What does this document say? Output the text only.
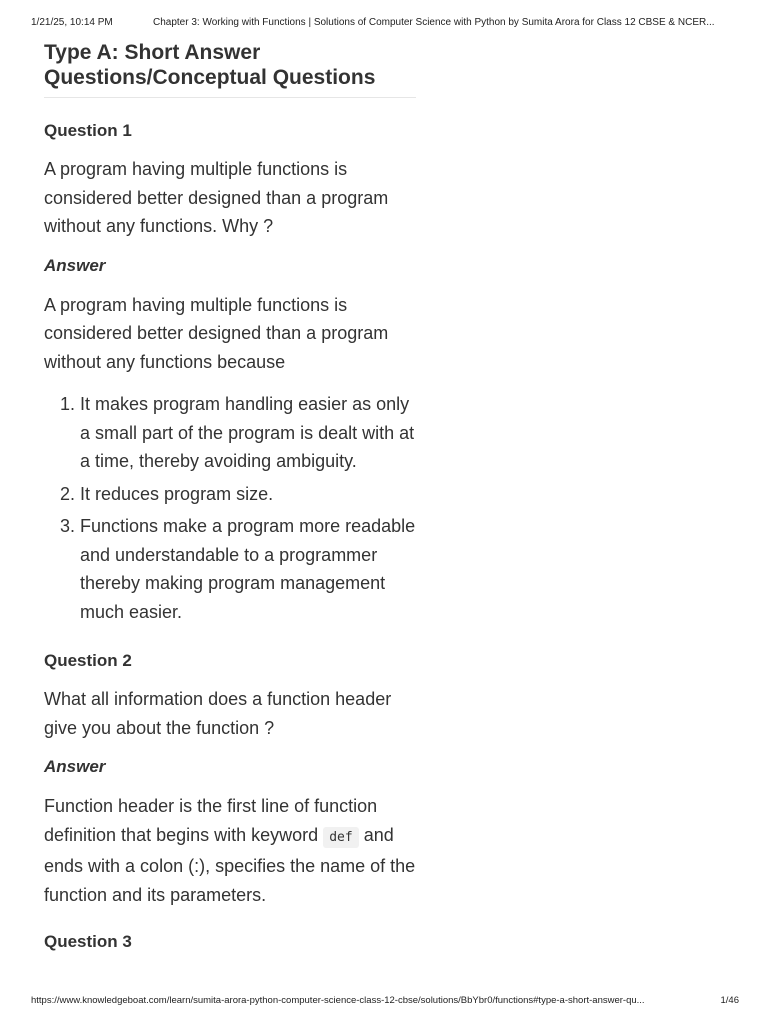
1/21/25, 10:14 PM	Chapter 3: Working with Functions | Solutions of Computer Science with Python by Sumita Arora for Class 12 CBSE & NCER...
Type A: Short Answer Questions/Conceptual Questions
Question 1

A program having multiple functions is considered better designed than a program without any functions. Why ?

Answer

A program having multiple functions is considered better designed than a program without any functions because

1. It makes program handling easier as only a small part of the program is dealt with at a time, thereby avoiding ambiguity.
2. It reduces program size.
3. Functions make a program more readable and understandable to a programmer thereby making program management much easier.
Question 2

What all information does a function header give you about the function ?

Answer

Function header is the first line of function definition that begins with keyword def and ends with a colon (:), specifies the name of the function and its parameters.

Question 3
https://www.knowledgeboat.com/learn/sumita-arora-python-computer-science-class-12-cbse/solutions/BbYbr0/functions#type-a-short-answer-qu...	1/46
